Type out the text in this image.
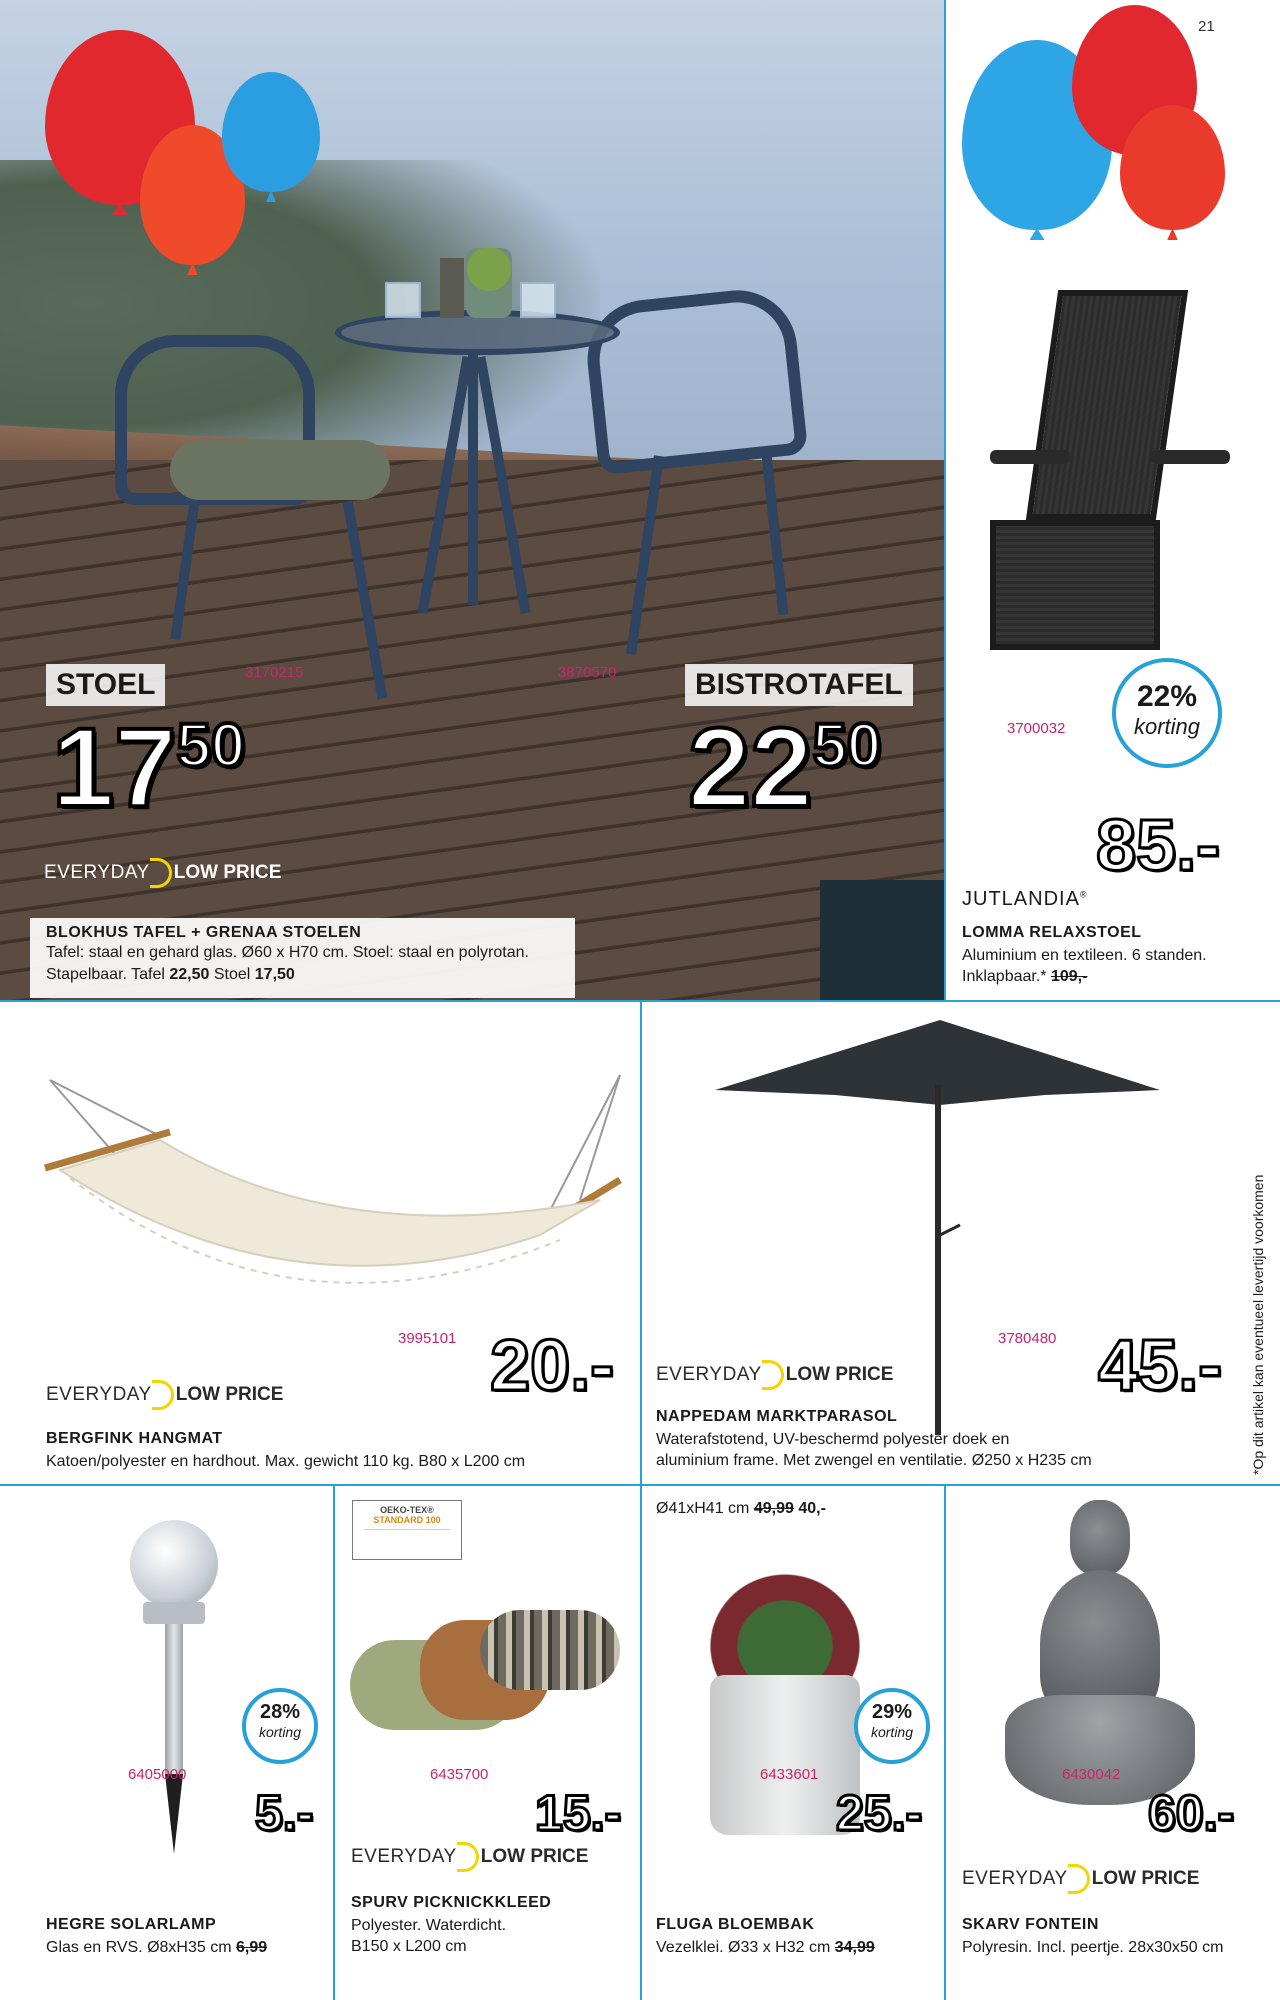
STOEL	3170215
$17^{50}$
3870570	BISTROTAFEL
$22^{50}$
EVERYDAY LOW PRICE
BLOKHUS TAFEL + GRENAA STOELEN
Tafel: staal en gehard glas. Ø60 x H70 cm. Stoel: staal en polyrotan.
Stapelbaar. Tafel 22,50 Stoel 17,50
21
3700032
22%
korting
85.-
JUTLANDIA®
LOMMA RELAXSTOEL
Aluminium en textileen. 6 standen.
Inklapbaar.* 109,-
3995101 20.-
EVERYDAY LOW PRICE
BERGFINK HANGMAT
Katoen/polyester en hardhout. Max. gewicht 110 kg. B80 x L200 cm
3780480 45.-
EVERYDAY LOW PRICE
NAPPEDAM MARKTPARASOL
Waterafstotend, UV-beschermd polyester doek en
aluminium frame. Met zwengel en ventilatie. Ø250 x H235 cm	*Op dit artikel kan eventueel levertijd voorkomen
28%
korting
6405000
5.-
HEGRE SOLARLAMP
Glas en RVS. Ø8xH35 cm 6,99
OEKO-TEX®
STANDARD 100
6435700
15.-
EVERYDAY LOW PRICE
SPURV PICKNICKKLEED
Polyester. Waterdicht.
B150 x L200 cm
Ø41xH41 cm 49,99 40,-
29%
korting
6433601
25.-
FLUGA BLOEMBAK
Vezelklei. Ø33 x H32 cm 34,99
6430042
60.-
EVERYDAY LOW PRICE
SKARV FONTEIN
Polyresin. Incl. peertje. 28x30x50 cm
